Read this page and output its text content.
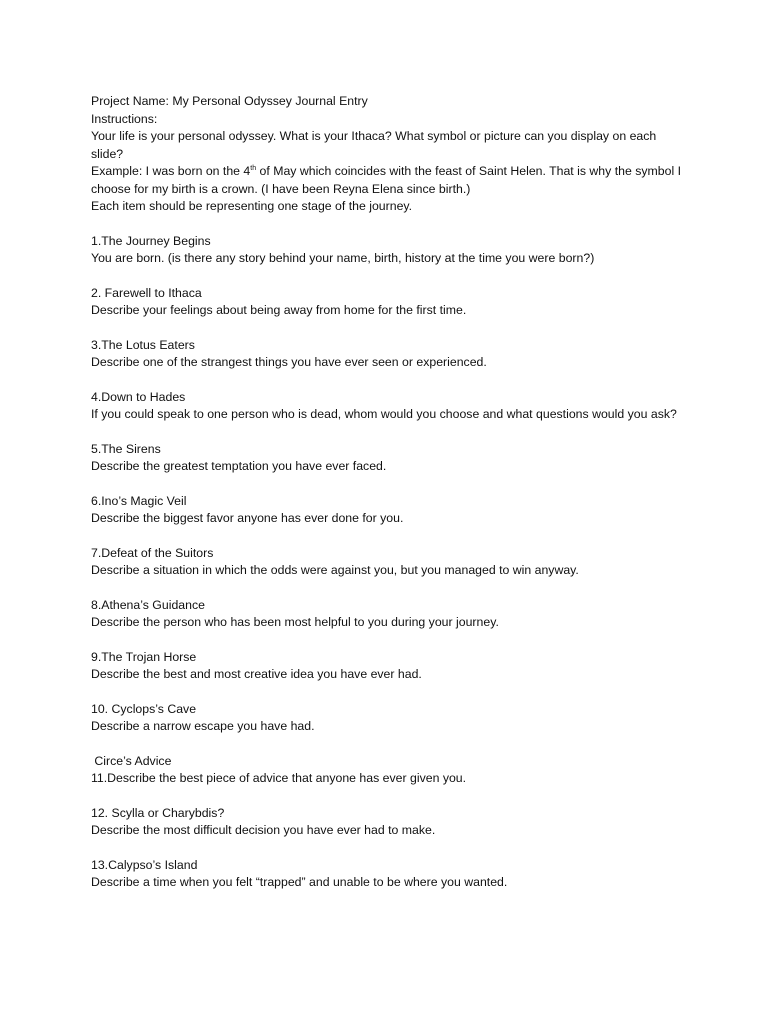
Project Name: My Personal Odyssey Journal Entry
Instructions:
Your life is your personal odyssey. What is your Ithaca? What symbol or picture can you display on each slide?
Example: I was born on the 4th of May which coincides with the feast of Saint Helen. That is why the symbol I choose for my birth is a crown. (I have been Reyna Elena since birth.)
Each item should be representing one stage of the journey.
1.The Journey Begins
You are born. (is there any story behind your name, birth, history at the time you were born?)
2. Farewell to Ithaca
Describe your feelings about being away from home for the first time.
3.The Lotus Eaters
Describe one of the strangest things you have ever seen or experienced.
4.Down to Hades
If you could speak to one person who is dead, whom would you choose and what questions would you ask?
5.The Sirens
Describe the greatest temptation you have ever faced.
6.Ino’s Magic Veil
Describe the biggest favor anyone has ever done for you.
7.Defeat of the Suitors
Describe a situation in which the odds were against you, but you managed to win anyway.
8.Athena’s Guidance
Describe the person who has been most helpful to you during your journey.
9.The Trojan Horse
Describe the best and most creative idea you have ever had.
10. Cyclops’s Cave
Describe a narrow escape you have had.
Circe’s Advice
11.Describe the best piece of advice that anyone has ever given you.
12. Scylla or Charybdis?
Describe the most difficult decision you have ever had to make.
13.Calypso’s Island
Describe a time when you felt “trapped” and unable to be where you wanted.
